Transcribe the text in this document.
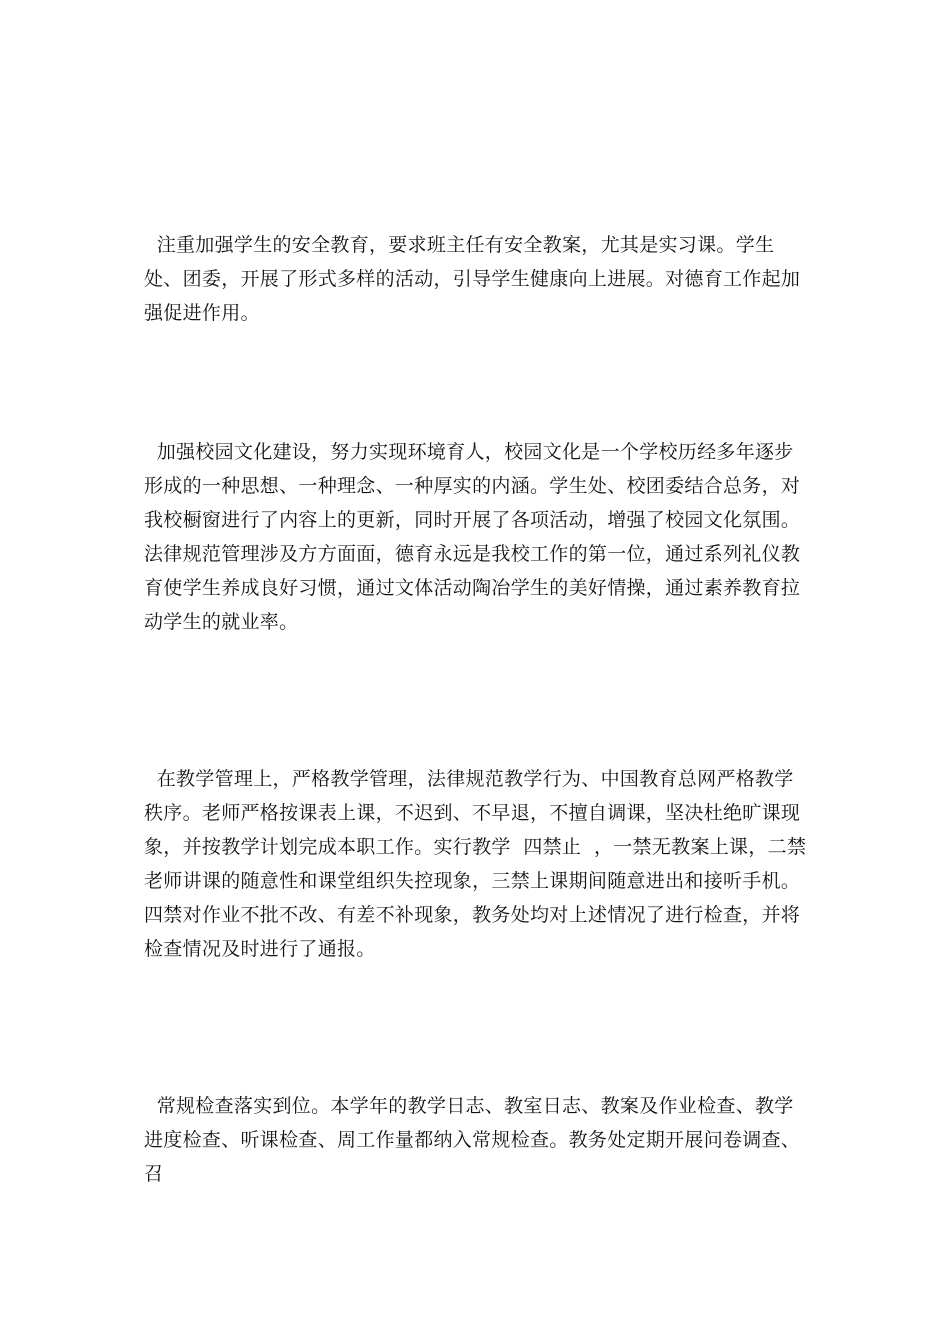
注重加强学生的安全教育，要求班主任有安全教案，尤其是实习课。学生处、团委，开展了形式多样的活动，引导学生健康向上进展。对德育工作起加强促进作用。

加强校园文化建设，努力实现环境育人，校园文化是一个学校历经多年逐步形成的一种思想、一种理念、一种厚实的内涵。学生处、校团委结合总务，对我校橱窗进行了内容上的更新，同时开展了各项活动，增强了校园文化氛围。法律规范管理涉及方方面面，德育永远是我校工作的第一位，通过系列礼仪教育使学生养成良好习惯，通过文体活动陶冶学生的美好情操，通过素养教育拉动学生的就业率。

在教学管理上，严格教学管理，法律规范教学行为、中国教育总网严格教学秩序。老师严格按课表上课，不迟到、不早退，不擅自调课，坚决杜绝旷课现象，并按教学计划完成本职工作。实行教学  四禁止  ，一禁无教案上课，二禁老师讲课的随意性和课堂组织失控现象，三禁上课期间随意进出和接听手机。四禁对作业不批不改、有差不补现象，教务处均对上述情况了进行检查，并将检查情况及时进行了通报。

常规检查落实到位。本学年的教学日志、教室日志、教案及作业检查、教学进度检查、听课检查、周工作量都纳入常规检查。教务处定期开展问卷调查、召
